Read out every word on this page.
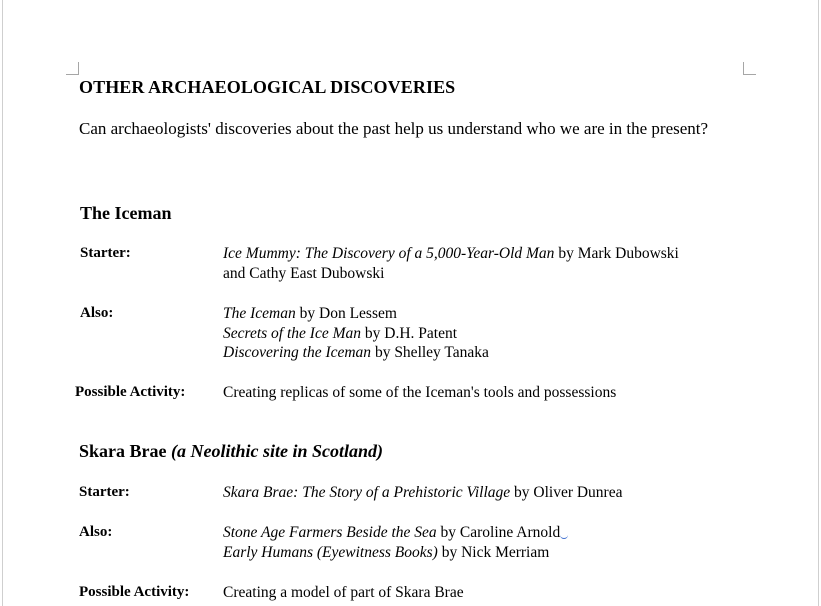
OTHER ARCHAEOLOGICAL DISCOVERIES
Can archaeologists' discoveries about the past help us understand who we are in the present?
The Iceman
Starter:	Ice Mummy: The Discovery of a 5,000-Year-Old Man by Mark Dubowski
and Cathy East Dubowski
Also:	The Iceman by Don Lessem
Secrets of the Ice Man by D.H. Patent
Discovering the Iceman by Shelley Tanaka
Possible Activity: Creating replicas of some of the Iceman's tools and possessions
Skara Brae (a Neolithic site in Scotland)
Starter:	Skara Brae: The Story of a Prehistoric Village by Oliver Dunrea
Also:	Stone Age Farmers Beside the Sea by Caroline Arnold
Early Humans (Eyewitness Books) by Nick Merriam
Possible Activity: Creating a model of part of Skara Brae
